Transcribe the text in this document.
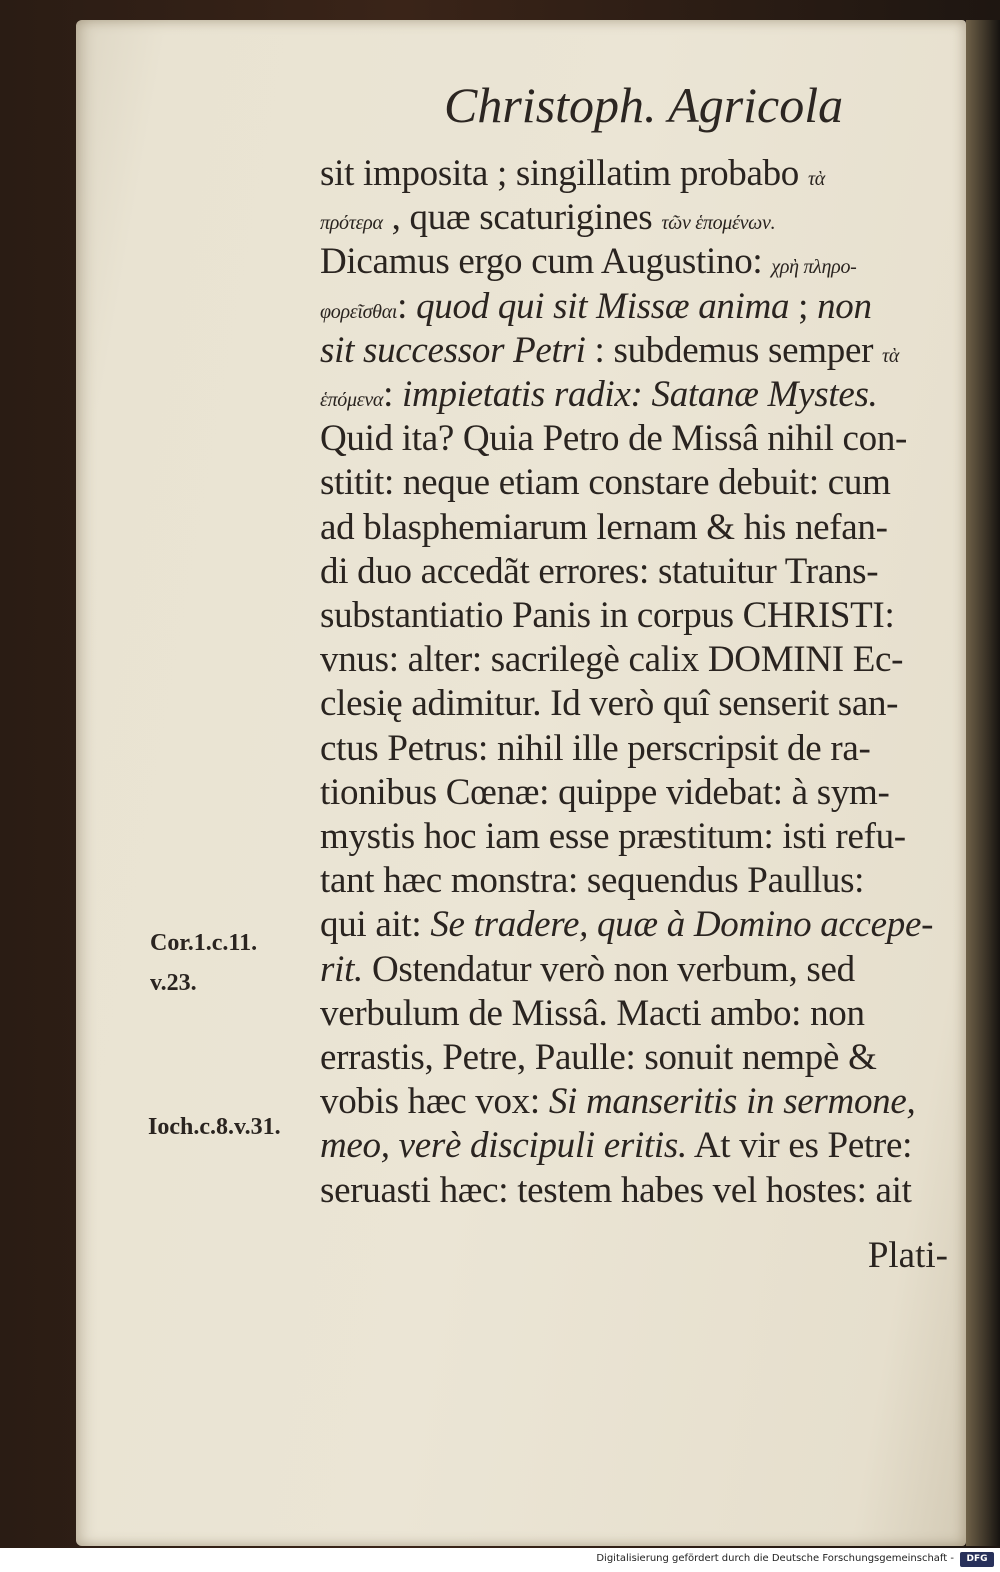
Christoph. Agricola
sit imposita ; singillatim probabo τὰ
πρότερα , quæ scaturigines τῶν ἑπομένων.
Dicamus ergo cum Augustino: χρὴ πληρο-
φορεῖσθαι: quod qui sit Missæ anima ; non
sit successor Petri : subdemus semper τὰ
ἑπόμενα: impietatis radix: Satanæ Mystes.
Quid ita? Quia Petro de Missâ nihil con-
stitit: neque etiam constare debuit: cum
ad blasphemiarum lernam & his nefan-
di duo accedãt errores: statuitur Trans-
substantiatio Panis in corpus CHRISTI:
vnus: alter: sacrilegè calix DOMINI Ec-
clesię adimitur. Id verò quî senserit san-
ctus Petrus: nihil ille perscripsit de ra-
tionibus Cœnæ: quippe videbat: à sym-
mystis hoc iam esse præstitum: isti refu-
tant hæc monstra: sequendus Paullus:
qui ait: Se tradere, quæ à Domino accepe-
rit. Ostendatur verò non verbum, sed
verbulum de Missâ. Macti ambo: non
errastis, Petre, Paulle: sonuit nempè &
vobis hæc vox: Si manseritis in sermone,
meo, verè discipuli eritis. At vir es Petre:
seruasti hæc: testem habes vel hostes: ait
Plati-
Cor.1.c.11.
v.23.
Ioch.c.8.v.31.
Digitalisierung gefördert durch die Deutsche Forschungsgemeinschaft -	DFG
